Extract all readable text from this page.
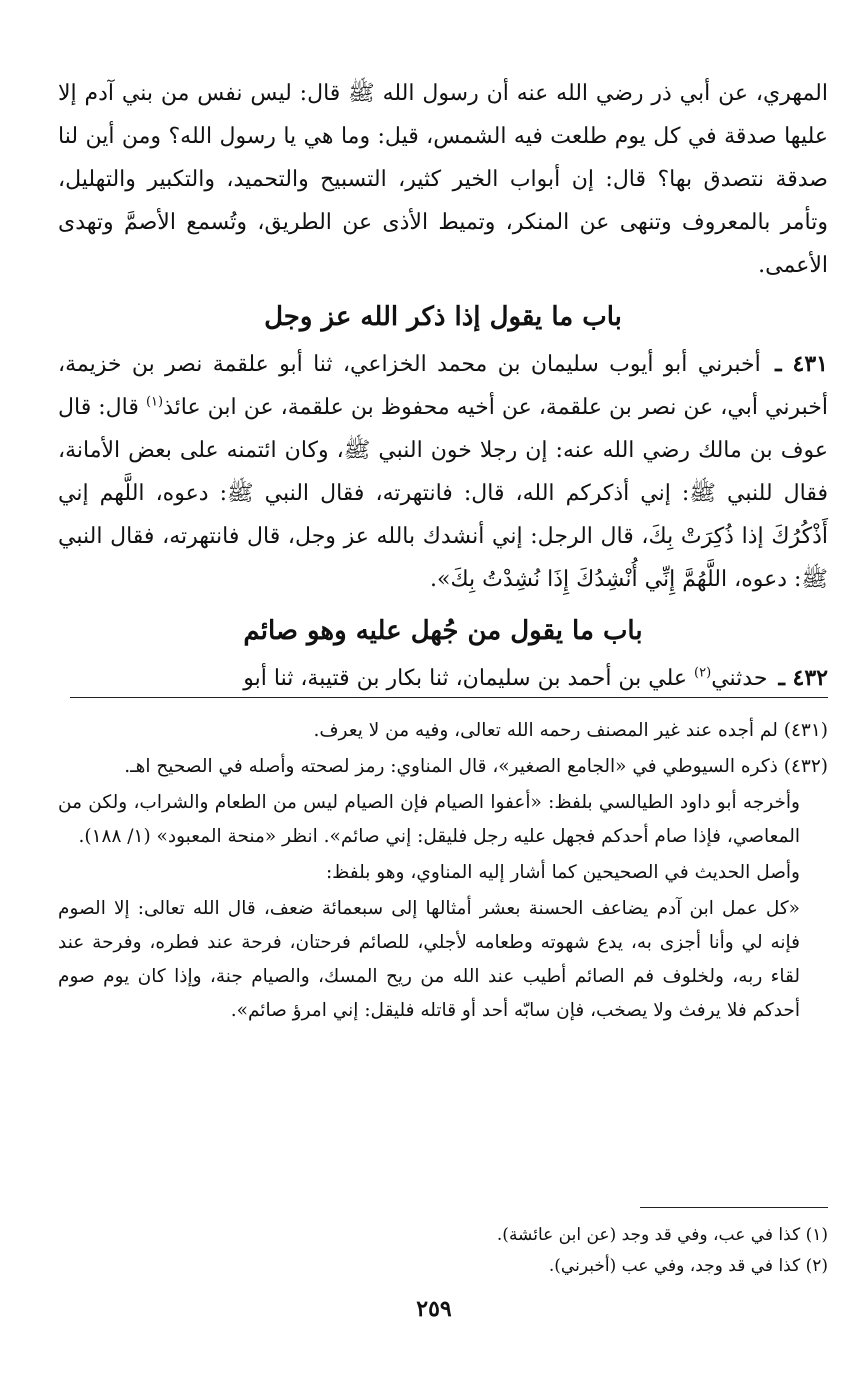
المهري، عن أبي ذر رضي الله عنه أن رسول الله ﷺ قال: ليس نفس من بني آدم إلا عليها صدقة في كل يوم طلعت فيه الشمس، قيل: وما هي يا رسول الله؟ ومن أين لنا صدقة نتصدق بها؟ قال: إن أبواب الخير كثير، التسبيح والتحميد، والتكبير والتهليل، وتأمر بالمعروف وتنهى عن المنكر، وتميط الأذى عن الطريق، وتُسمع الأصمَّ وتهدى الأعمى.

باب ما يقول إذا ذكر الله عز وجل

٤٣١ ـ أخبرني أبو أيوب سليمان بن محمد الخزاعي، ثنا أبو علقمة نصر بن خزيمة، أخبرني أبي، عن نصر بن علقمة، عن أخيه محفوظ بن علقمة، عن ابن عائذ$^{(١)}$ قال: قال عوف بن مالك رضي الله عنه: إن رجلا خون النبي ﷺ، وكان ائتمنه على بعض الأمانة، فقال للنبي ﷺ: إني أذكركم الله، قال: فانتهرته، فقال النبي ﷺ: دعوه، اللَّهم إني أَذْكُرُكَ إذا ذُكِرَتْ بِكَ، قال الرجل: إني أنشدك بالله عز وجل، قال فانتهرته، فقال النبي ﷺ: دعوه، اللَّهُمَّ إِنِّي أُنْشِدُكَ إِذَا نُشِدْتُ بِكَ».

باب ما يقول من جُهل عليه وهو صائم

٤٣٢ ـ حدثني$^{(٢)}$ علي بن أحمد بن سليمان، ثنا بكار بن قتيبة، ثنا أبو

(٤٣١) لم أجده عند غير المصنف رحمه الله تعالى، وفيه من لا يعرف.

(٤٣٢) ذكره السيوطي في «الجامع الصغير»، قال المناوي: رمز لصحته وأصله في الصحيح اهـ.

وأخرجه أبو داود الطيالسي بلفظ: «أعفوا الصيام فإن الصيام ليس من الطعام والشراب، ولكن من المعاصي، فإذا صام أحدكم فجهل عليه رجل فليقل: إني صائم». انظر «منحة المعبود» (١/ ١٨٨).

وأصل الحديث في الصحيحين كما أشار إليه المناوي، وهو بلفظ:

«كل عمل ابن آدم يضاعف الحسنة بعشر أمثالها إلى سبعمائة ضعف، قال الله تعالى: إلا الصوم فإنه لي وأنا أجزى به، يدع شهوته وطعامه لأجلي، للصائم فرحتان، فرحة عند فطره، وفرحة عند لقاء ربه، ولخلوف فم الصائم أطيب عند الله من ريح المسك، والصيام جنة، وإذا كان يوم صوم أحدكم فلا يرفث ولا يصخب، فإن سابّه أحد أو قاتله فليقل: إني امرؤ صائم».

(١) كذا في عب، وفي قد وجد (عن ابن عائشة).

(٢) كذا في قد وجد، وفي عب (أخبرني).

٢٥٩
